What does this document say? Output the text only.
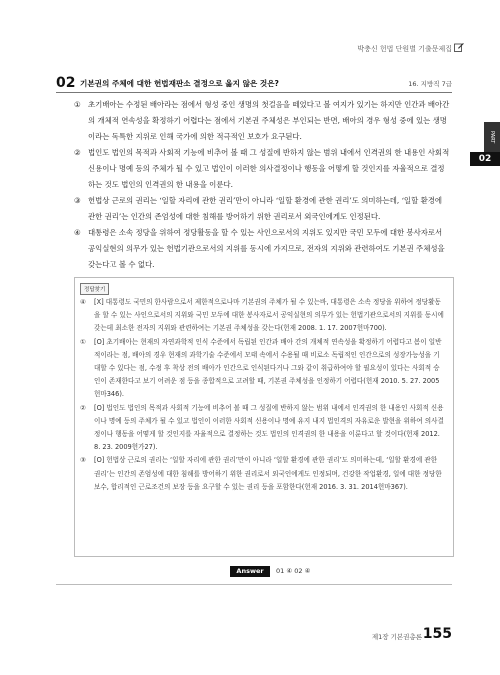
박충신 헌법 단원별 기출문제집
PART
02
02 기본권의 주체에 대한 헌법재판소 결정으로 옳지 않은 것은?	16. 지방직 7급
① 초기배아는 수정된 배아라는 점에서 형성 중인 생명의 첫걸음을 떼었다고 볼 여지가 있기는 하지만 인간과 배아간의 개체적 연속성을 확정하기 어렵다는 점에서 기본권 주체성은 부인되는 반면, 배아의 경우 형성 중에 있는 생명이라는 독특한 지위로 인해 국가에 의한 적극적인 보호가 요구된다.
② 법인도 법인의 목적과 사회적 기능에 비추어 볼 때 그 성질에 반하지 않는 범위 내에서 인격권의 한 내용인 사회적 신용이나 명예 등의 주체가 될 수 있고 법인이 이러한 의사결정이나 행동을 어떻게 할 것인지를 자율적으로 결정하는 것도 법인의 인격권의 한 내용을 이룬다.
③ 헌법상 근로의 권리는 ‘일할 자리에 관한 권리’만이 아니라 ‘일할 환경에 관한 권리’도 의미하는데, ‘일할 환경에 관한 권리’는 인간의 존엄성에 대한 침해를 방어하기 위한 권리로서 외국인에게도 인정된다.
④ 대통령은 소속 정당을 위하여 정당활동을 할 수 있는 사인으로서의 지위도 있지만 국민 모두에 대한 봉사자로서 공익실현의 의무가 있는 헌법기관으로서의 지위를 동시에 가지므로, 전자의 지위와 관련하여도 기본권 주체성을 갖는다고 볼 수 없다.
정답찾기
④ [X] 대통령도 국민의 한사람으로서 제한적으로나마 기본권의 주체가 될 수 있는바, 대통령은 소속 정당을 위하여 정당활동을 할 수 있는 사인으로서의 지위와 국민 모두에 대한 봉사자로서 공익실현의 의무가 있는 헌법기관으로서의 지위를 동시에 갖는데 최소한 전자의 지위와 관련하여는 기본권 주체성을 갖는다(헌재 2008. 1. 17. 2007헌마700).
① [O] 초기배아는 현재의 자연과학적 인식 수준에서 독립된 인간과 배아 간의 개체적 연속성을 확정하기 어렵다고 봄이 일반적이라는 점, 배아의 경우 현재의 과학기술 수준에서 모태 속에서 수용될 때 비로소 독립적인 인간으로의 성장가능성을 기대할 수 있다는 점, 수정 후 착상 전의 배아가 인간으로 인식된다거나 그와 같이 취급하여야 할 필요성이 있다는 사회적 승인이 존재한다고 보기 어려운 점 등을 종합적으로 고려할 때, 기본권 주체성을 인정하기 어렵다(헌재 2010. 5. 27. 2005헌마346).
② [O] 법인도 법인의 목적과 사회적 기능에 비추어 볼 때 그 성질에 반하지 않는 범위 내에서 인격권의 한 내용인 사회적 신용이나 명예 등의 주체가 될 수 있고 법인이 이러한 사회적 신용이나 명예 유지 내지 법인격의 자유로운 발현을 위하여 의사결정이나 행동을 어떻게 할 것인지를 자율적으로 결정하는 것도 법인의 인격권의 한 내용을 이룬다고 할 것이다(헌재 2012. 8. 23. 2009헌가27).
③ [O] 헌법상 근로의 권리는 ‘일할 자리에 관한 권리’만이 아니라 ‘일할 환경에 관한 권리’도 의미하는데, ‘일할 환경에 관한 권리’는 인간의 존엄성에 대한 침해를 방어하기 위한 권리로서 외국인에게도 인정되며, 건강한 작업환경, 일에 대한 정당한 보수, 합리적인 근로조건의 보장 등을 요구할 수 있는 권리 등을 포함한다(헌재 2016. 3. 31. 2014헌마367).
Answer	01 ④ 02 ④
제1장 기본권총론 155
